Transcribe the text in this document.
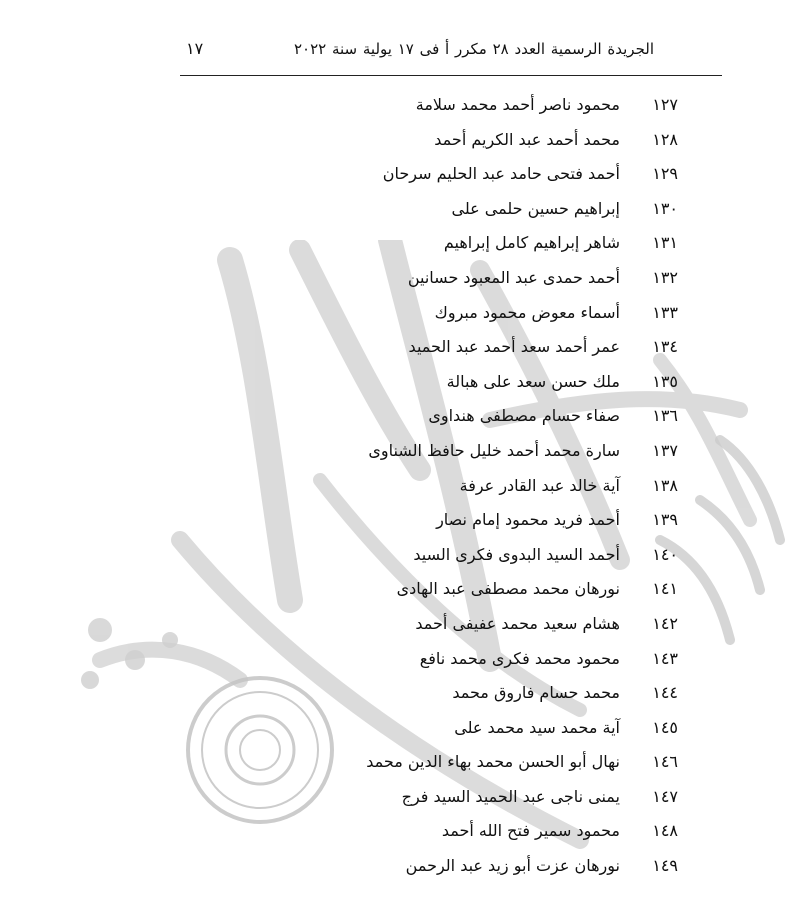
الجريدة الرسمية العدد ٢٨ مكرر أ فى ١٧ يولية سنة ٢٠٢٢
١٧
١٢٧محمود ناصر أحمد محمد سلامة
١٢٨محمد أحمد عبد الكريم أحمد
١٢٩أحمد فتحى حامد عبد الحليم سرحان
١٣٠إبراهيم حسين حلمى على
١٣١شاهر إبراهيم كامل إبراهيم
١٣٢أحمد حمدى عبد المعبود حسانين
١٣٣أسماء معوض محمود مبروك
١٣٤عمر أحمد سعد أحمد عبد الحميد
١٣٥ملك حسن سعد على هبالة
١٣٦صفاء حسام مصطفى هنداوى
١٣٧سارة محمد أحمد خليل حافظ الشناوى
١٣٨آية خالد عبد القادر عرفة
١٣٩أحمد فريد محمود إمام نصار
١٤٠أحمد السيد البدوى فكرى السيد
١٤١نورهان محمد مصطفى عبد الهادى
١٤٢هشام سعيد محمد عفيفى أحمد
١٤٣محمود محمد فكرى محمد نافع
١٤٤محمد حسام فاروق محمد
١٤٥آية محمد سيد محمد على
١٤٦نهال أبو الحسن محمد بهاء الدين محمد
١٤٧يمنى ناجى عبد الحميد السيد فرج
١٤٨محمود سمير فتح الله أحمد
١٤٩نورهان عزت أبو زيد عبد الرحمن
